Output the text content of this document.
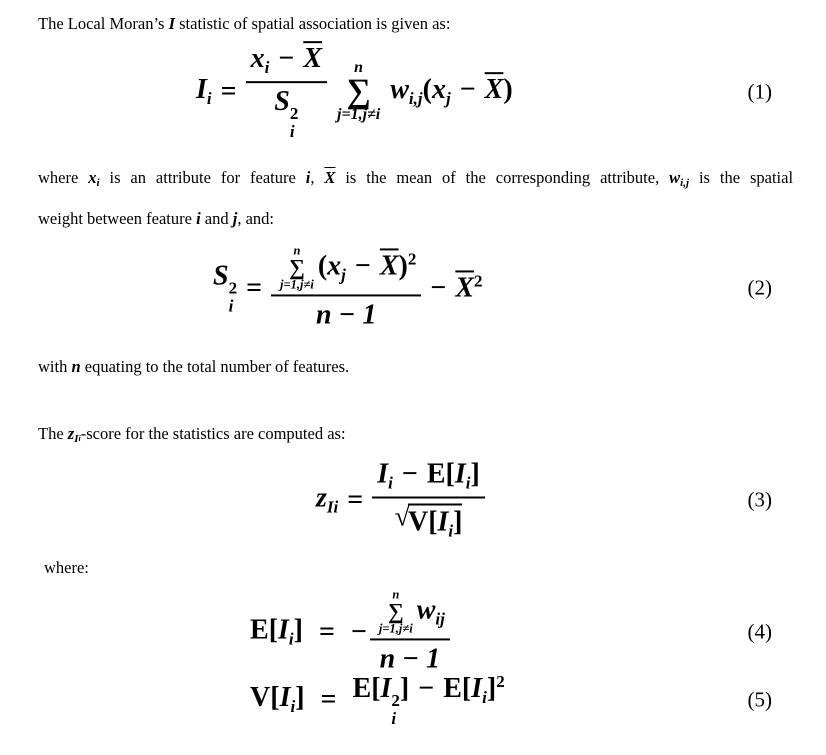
The Local Moran’s I statistic of spatial association is given as:
$I_i = x_i - \overline{X}$
S 2
i n
∑
j=1,j≠i
$w_{i,j}(x_j - \overline{X})$	(1)
where xi is an attribute for feature i, $\overline{X}$ is the mean of the corresponding attribute, wi,j is the spatial
weight between feature i and j, and:
S 2
i
= n
∑
j=1,j≠i
$(x_j - \overline{X})^2$
$n - 1 - \overline{X}^2$	(2)
with n equating to the total number of features.
The zIi-score for the statistics are computed as:
$z_{Ii} = I_i - E[I_i]$
√
$V[I_i]$	(3)
where:
$E[I_i]$ = − n
∑
j=1,j≠i
$w_{ij}$
n − 1	(4)
$V[I_i] = E[I$ 2
i
] − $E[I_i]^2$
(5)
